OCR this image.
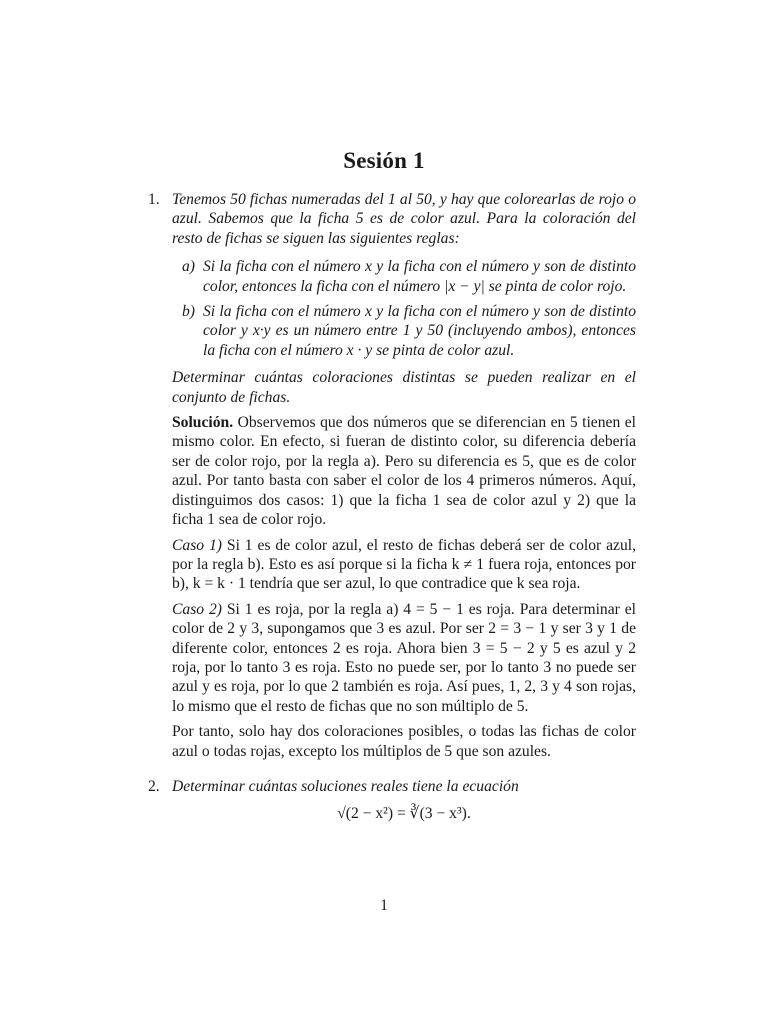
Sesión 1
1. Tenemos 50 fichas numeradas del 1 al 50, y hay que colorearlas de rojo o azul. Sabemos que la ficha 5 es de color azul. Para la coloración del resto de fichas se siguen las siguientes reglas:

a) Si la ficha con el número x y la ficha con el número y son de distinto color, entonces la ficha con el número |x − y| se pinta de color rojo.

b) Si la ficha con el número x y la ficha con el número y son de distinto color y x·y es un número entre 1 y 50 (incluyendo ambos), entonces la ficha con el número x · y se pinta de color azul.

Determinar cuántas coloraciones distintas se pueden realizar en el conjunto de fichas.

Solución. Observemos que dos números que se diferencian en 5 tienen el mismo color. En efecto, si fueran de distinto color, su diferencia debería ser de color rojo, por la regla a). Pero su diferencia es 5, que es de color azul. Por tanto basta con saber el color de los 4 primeros números. Aquí, distinguimos dos casos: 1) que la ficha 1 sea de color azul y 2) que la ficha 1 sea de color rojo.

Caso 1) Si 1 es de color azul, el resto de fichas deberá ser de color azul, por la regla b). Esto es así porque si la ficha k ≠ 1 fuera roja, entonces por b), k = k · 1 tendría que ser azul, lo que contradice que k sea roja.

Caso 2) Si 1 es roja, por la regla a) 4 = 5 − 1 es roja. Para determinar el color de 2 y 3, supongamos que 3 es azul. Por ser 2 = 3 − 1 y ser 3 y 1 de diferente color, entonces 2 es roja. Ahora bien 3 = 5 − 2 y 5 es azul y 2 roja, por lo tanto 3 es roja. Esto no puede ser, por lo tanto 3 no puede ser azul y es roja, por lo que 2 también es roja. Así pues, 1, 2, 3 y 4 son rojas, lo mismo que el resto de fichas que no son múltiplo de 5.

Por tanto, solo hay dos coloraciones posibles, o todas las fichas de color azul o todas rojas, excepto los múltiplos de 5 que son azules.

2. Determinar cuántas soluciones reales tiene la ecuación

√(2 − x²) = ∛(3 − x³).
1
